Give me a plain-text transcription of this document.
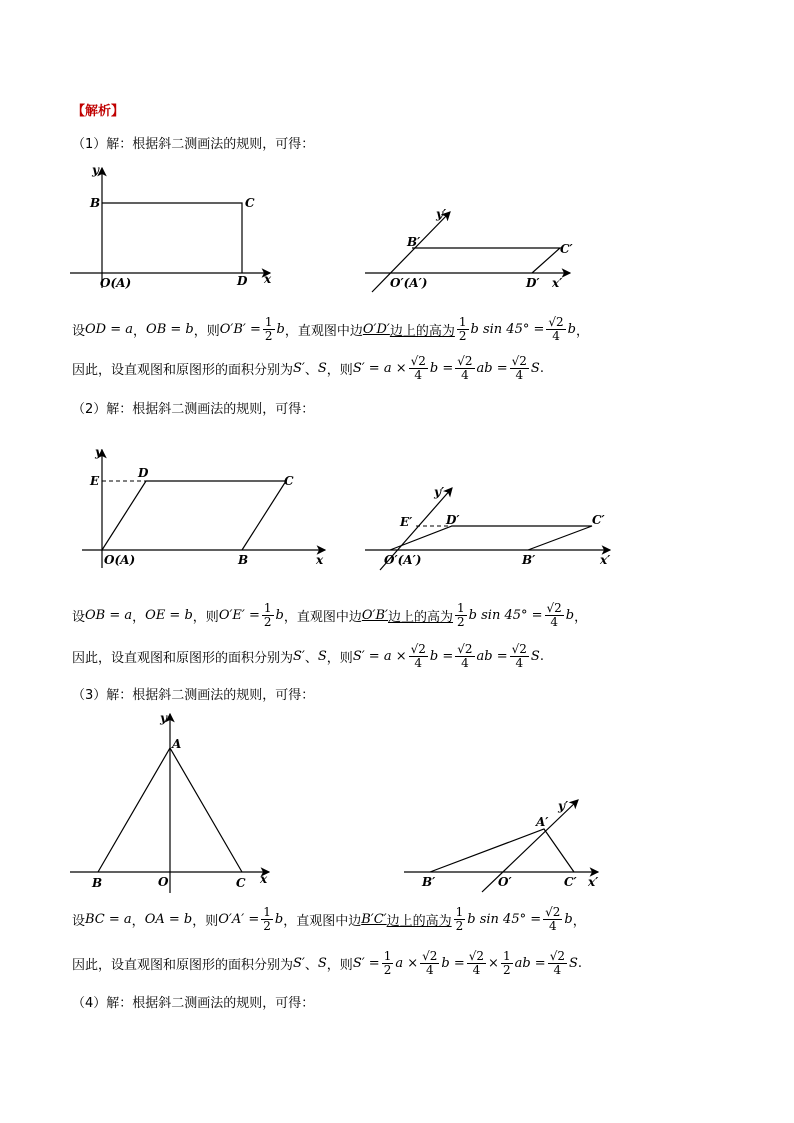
【解析】
（1）解：根据斜二测画法的规则，可得：
y
B	C
O(A)	D x
y′
B′	C′
O′(A′)	D′ x′
设 OD = a ， OB = b ，则 $O'B' = \frac{1}{2}$ b ，直观图中边 O′D′ 边上的高为 $\frac{1}{2}$ b $\sin 45^\circ = \frac{√2}{4}$ b ，
因此，设直观图和原图形的面积分别为 S′ 、 S ，则 $S' = a \times \frac{√2}{4}$ $b = \frac{√2}{4}$ ab = $\frac{√2}{4}$ S .
（2）解：根据斜二测画法的规则，可得：
y
D
E	C
O(A)	B	x
y′
E′	D′	C′
O′(A′)	B′	x′
设 OB = a ， OE = b ，则 $O'E' = \frac{1}{2}$ b ，直观图中边 O′B′ 边上的高为 $\frac{1}{2}$ b $\sin 45^\circ = \frac{√2}{4}$ b ，
因此，设直观图和原图形的面积分别为 S′ 、 S ，则 $S' = a \times \frac{√2}{4}$ $b = \frac{√2}{4}$ ab = $\frac{√2}{4}$ S .
（3）解：根据斜二测画法的规则，可得：
y
A
B	O	C x
y′
A′
B′	O′	C′ x′
设 BC = a ， OA = b ，则 $O'A' = \frac{1}{2}$ b ，直观图中边 B′C′ 边上的高为 $\frac{1}{2}$ b $\sin 45^\circ = \frac{√2}{4}$ b ，
因此，设直观图和原图形的面积分别为 S′ 、 S ，则 $S' = \frac{1}{2}$ $a \times \frac{√2}{4}$ $b = \frac{√2}{4} \times \frac{1}{2}$ ab = $\frac{√2}{4}$ S .
（4）解：根据斜二测画法的规则，可得：
